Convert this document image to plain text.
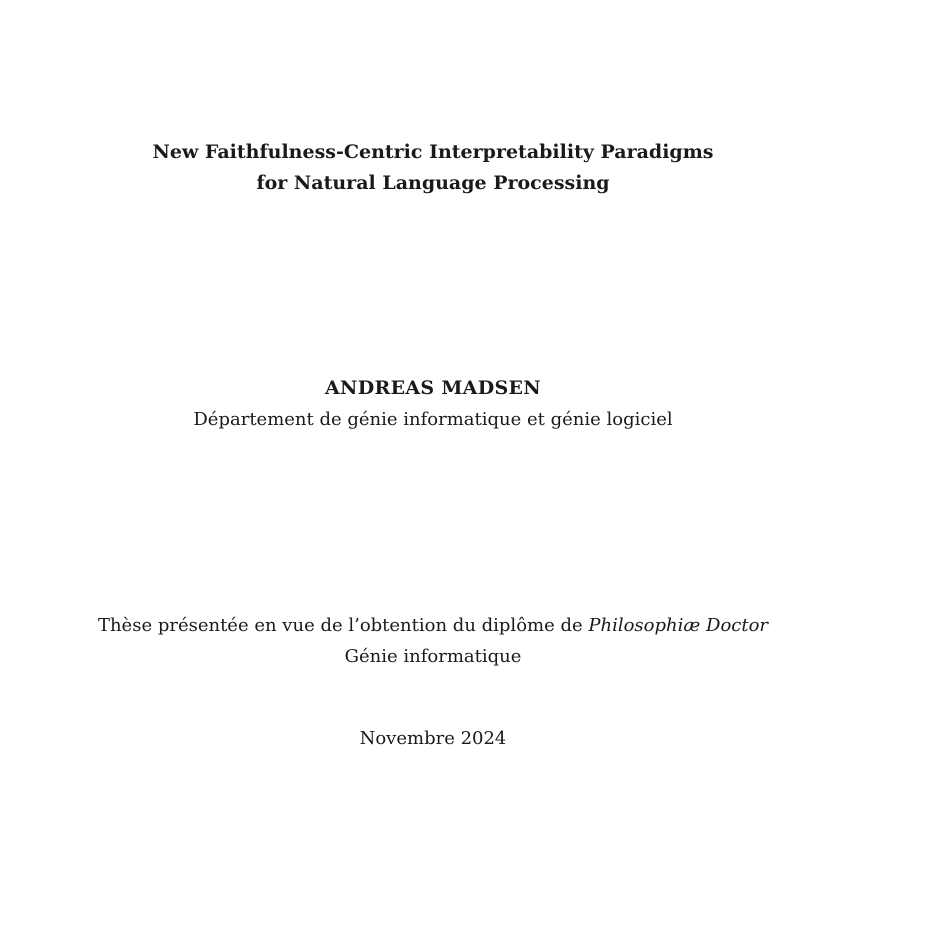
New Faithfulness-Centric Interpretability Paradigms
for Natural Language Processing
ANDREAS MADSEN
Département de génie informatique et génie logiciel
Thèse présentée en vue de l’obtention du diplôme de Philosophiæ Doctor
Génie informatique
Novembre 2024
